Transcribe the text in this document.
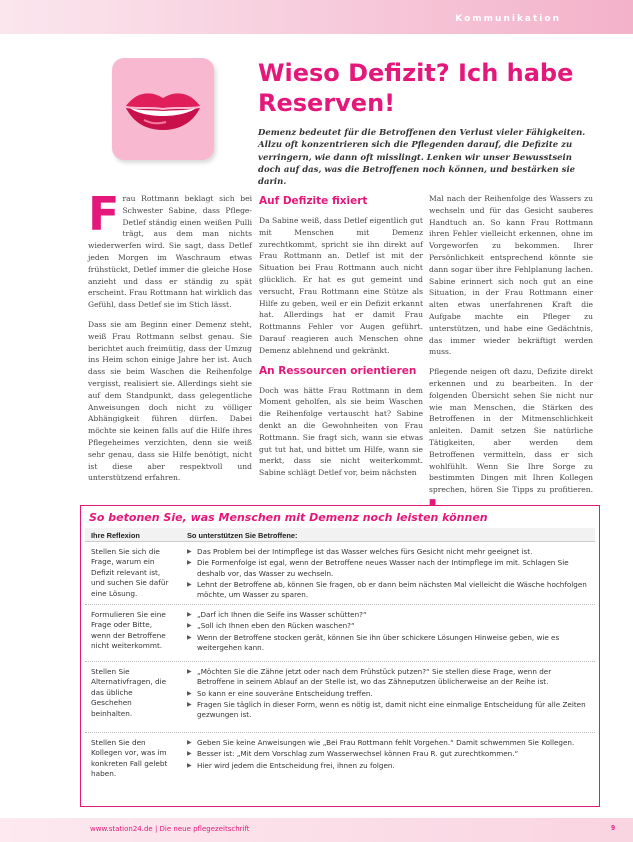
Kommunikation
Wieso Defizit? Ich habe Reserven!
Demenz bedeutet für die Betroffenen den Verlust vieler Fähigkeiten. Allzu oft konzentrieren sich die Pflegenden darauf, die Defizite zu verringern, wie dann oft misslingt. Lenken wir unser Bewusstsein doch auf das, was die Betroffenen noch können, und bestärken sie darin.

F rau Rottmann beklagt sich bei Schwester Sabine, dass Pflege-Detlef ständig einen weißen Pulli trägt, aus dem man nichts wiederwerfen wird. Sie sagt, dass Detlef jeden Morgen im Waschraum etwas frühstückt, Detlef immer die gleiche Hose anzieht und dass er ständig zu spät erscheint. Frau Rottmann hat wirklich das Gefühl, dass Detlef sie im Stich lässt.

Dass sie am Beginn einer Demenz steht, weiß Frau Rottmann selbst genau. Sie berichtet auch freimütig, dass der Umzug ins Heim schon einige Jahre her ist. Auch dass sie beim Waschen die Reihenfolge vergisst, realisiert sie. Allerdings sieht sie auf dem Standpunkt, dass gelegentliche Anweisungen doch nicht zu völliger Abhängigkeit führen dürfen. Dabei möchte sie keinen falls auf die Hilfe ihres Pflegeheimes verzichten, denn sie weiß sehr genau, dass sie Hilfe benötigt, nicht ist diese aber respektvoll und unterstützend erfahren.

Auf Defizite fixiert

Da Sabine weiß, dass Detlef eigentlich gut mit Menschen mit Demenz zurechtkommt, spricht sie ihn direkt auf Frau Rottmann an. Detlef ist mit der Situation bei Frau Rottmann auch nicht glücklich. Er hat es gut gemeint und versucht, Frau Rottmann eine Stütze als Hilfe zu geben, weil er ein Defizit erkannt hat. Allerdings hat er damit Frau Rottmanns Fehler vor Augen geführt. Darauf reagieren auch Menschen ohne Demenz ablehnend und gekränkt.

An Ressourcen orientieren

Doch was hätte Frau Rottmann in dem Moment geholfen, als sie beim Waschen die Reihenfolge vertauscht hat? Sabine denkt an die Gewohnheiten von Frau Rottmann. Sie fragt sich, wann sie etwas gut tut hat, und bittet um Hilfe, wann sie merkt, dass sie nicht weiterkommt. Sabine schlägt Detlef vor, beim nächsten

Mal nach der Reihenfolge des Wassers zu wechseln und für das Gesicht sauberes Handtuch an. So kann Frau Rottmann ihren Fehler vielleicht erkennen, ohne im Vorgeworfen zu bekommen. Ihrer Persönlichkeit entsprechend könnte sie dann sogar über ihre Fehlplanung lachen. Sabine erinnert sich noch gut an eine Situation, in der Frau Rottmann einer alten etwas unerfahrenen Kraft die Aufgabe machte ein Pfleger zu unterstützen, und habe eine Gedächtnis, das immer wieder bekräftigt werden muss.

Pflegende neigen oft dazu, Defizite direkt erkennen und zu bearbeiten. In der folgenden Übersicht sehen Sie nicht nur wie man Menschen, die Stärken des Betroffenen in der Mitmenschlichkeit anleiten. Damit setzen Sie natürliche Tätigkeiten, aber werden dem Betroffenen vermitteln, dass er sich wohlfühlt. Wenn Sie Ihre Sorge zu bestimmten Dingen mit Ihren Kollegen sprechen, hören Sie Tipps zu profitieren. ■

So betonen Sie, was Menschen mit Demenz noch leisten können
Ihre Reflexion	So unterstützen Sie Betroffene:
Stellen Sie sich die Frage, warum ein Defizit relevant ist, und suchen Sie dafür eine Lösung.
▶ Das Problem bei der Intimpflege ist das Wasser welches fürs Gesicht nicht mehr geeignet ist.
▶ Die Formenfolge ist egal, wenn der Betroffene neues Wasser nach der Intimpflege im mit. Schlagen Sie deshalb vor, das Wasser zu wechseln.
▶ Lehnt der Betroffene ab, können Sie fragen, ob er dann beim nächsten Mal vielleicht die Wäsche hochfolgen möchte, um Wasser zu sparen.
Formulieren Sie eine Frage oder Bitte, wenn der Betroffene nicht weiterkommt.
▶ „Darf ich Ihnen die Seife ins Wasser schütten?“
▶ „Soll ich Ihnen eben den Rücken waschen?“
▶ Wenn der Betroffene stocken gerät, können Sie ihn über schickere Lösungen Hinweise geben, wie es weitergehen kann.
Stellen Sie Alternativfragen, die das übliche Geschehen beinhalten.
▶ „Möchten Sie die Zähne jetzt oder nach dem Frühstück putzen?“ Sie stellen diese Frage, wenn der Betroffene in seinem Ablauf an der Stelle ist, wo das Zähneputzen üblicherweise an der Reihe ist.
▶ So kann er eine souveräne Entscheidung treffen.
▶ Fragen Sie täglich in dieser Form, wenn es nötig ist, damit nicht eine einmalige Entscheidung für alle Zeiten gezwungen ist.
Stellen Sie den Kollegen vor, was im konkreten Fall gelebt haben.
▶ Geben Sie keine Anweisungen wie „Bei Frau Rottmann fehlt Vorgehen.“ Damit schwemmen Sie Kollegen.
▶ Besser ist: „Mit dem Vorschlag zum Wasserwechsel können Frau R. gut zurechtkommen.“
▶ Hier wird jedem die Entscheidung frei, ihnen zu folgen.
www.station24.de | Die neue pflegezeitschrift	9
